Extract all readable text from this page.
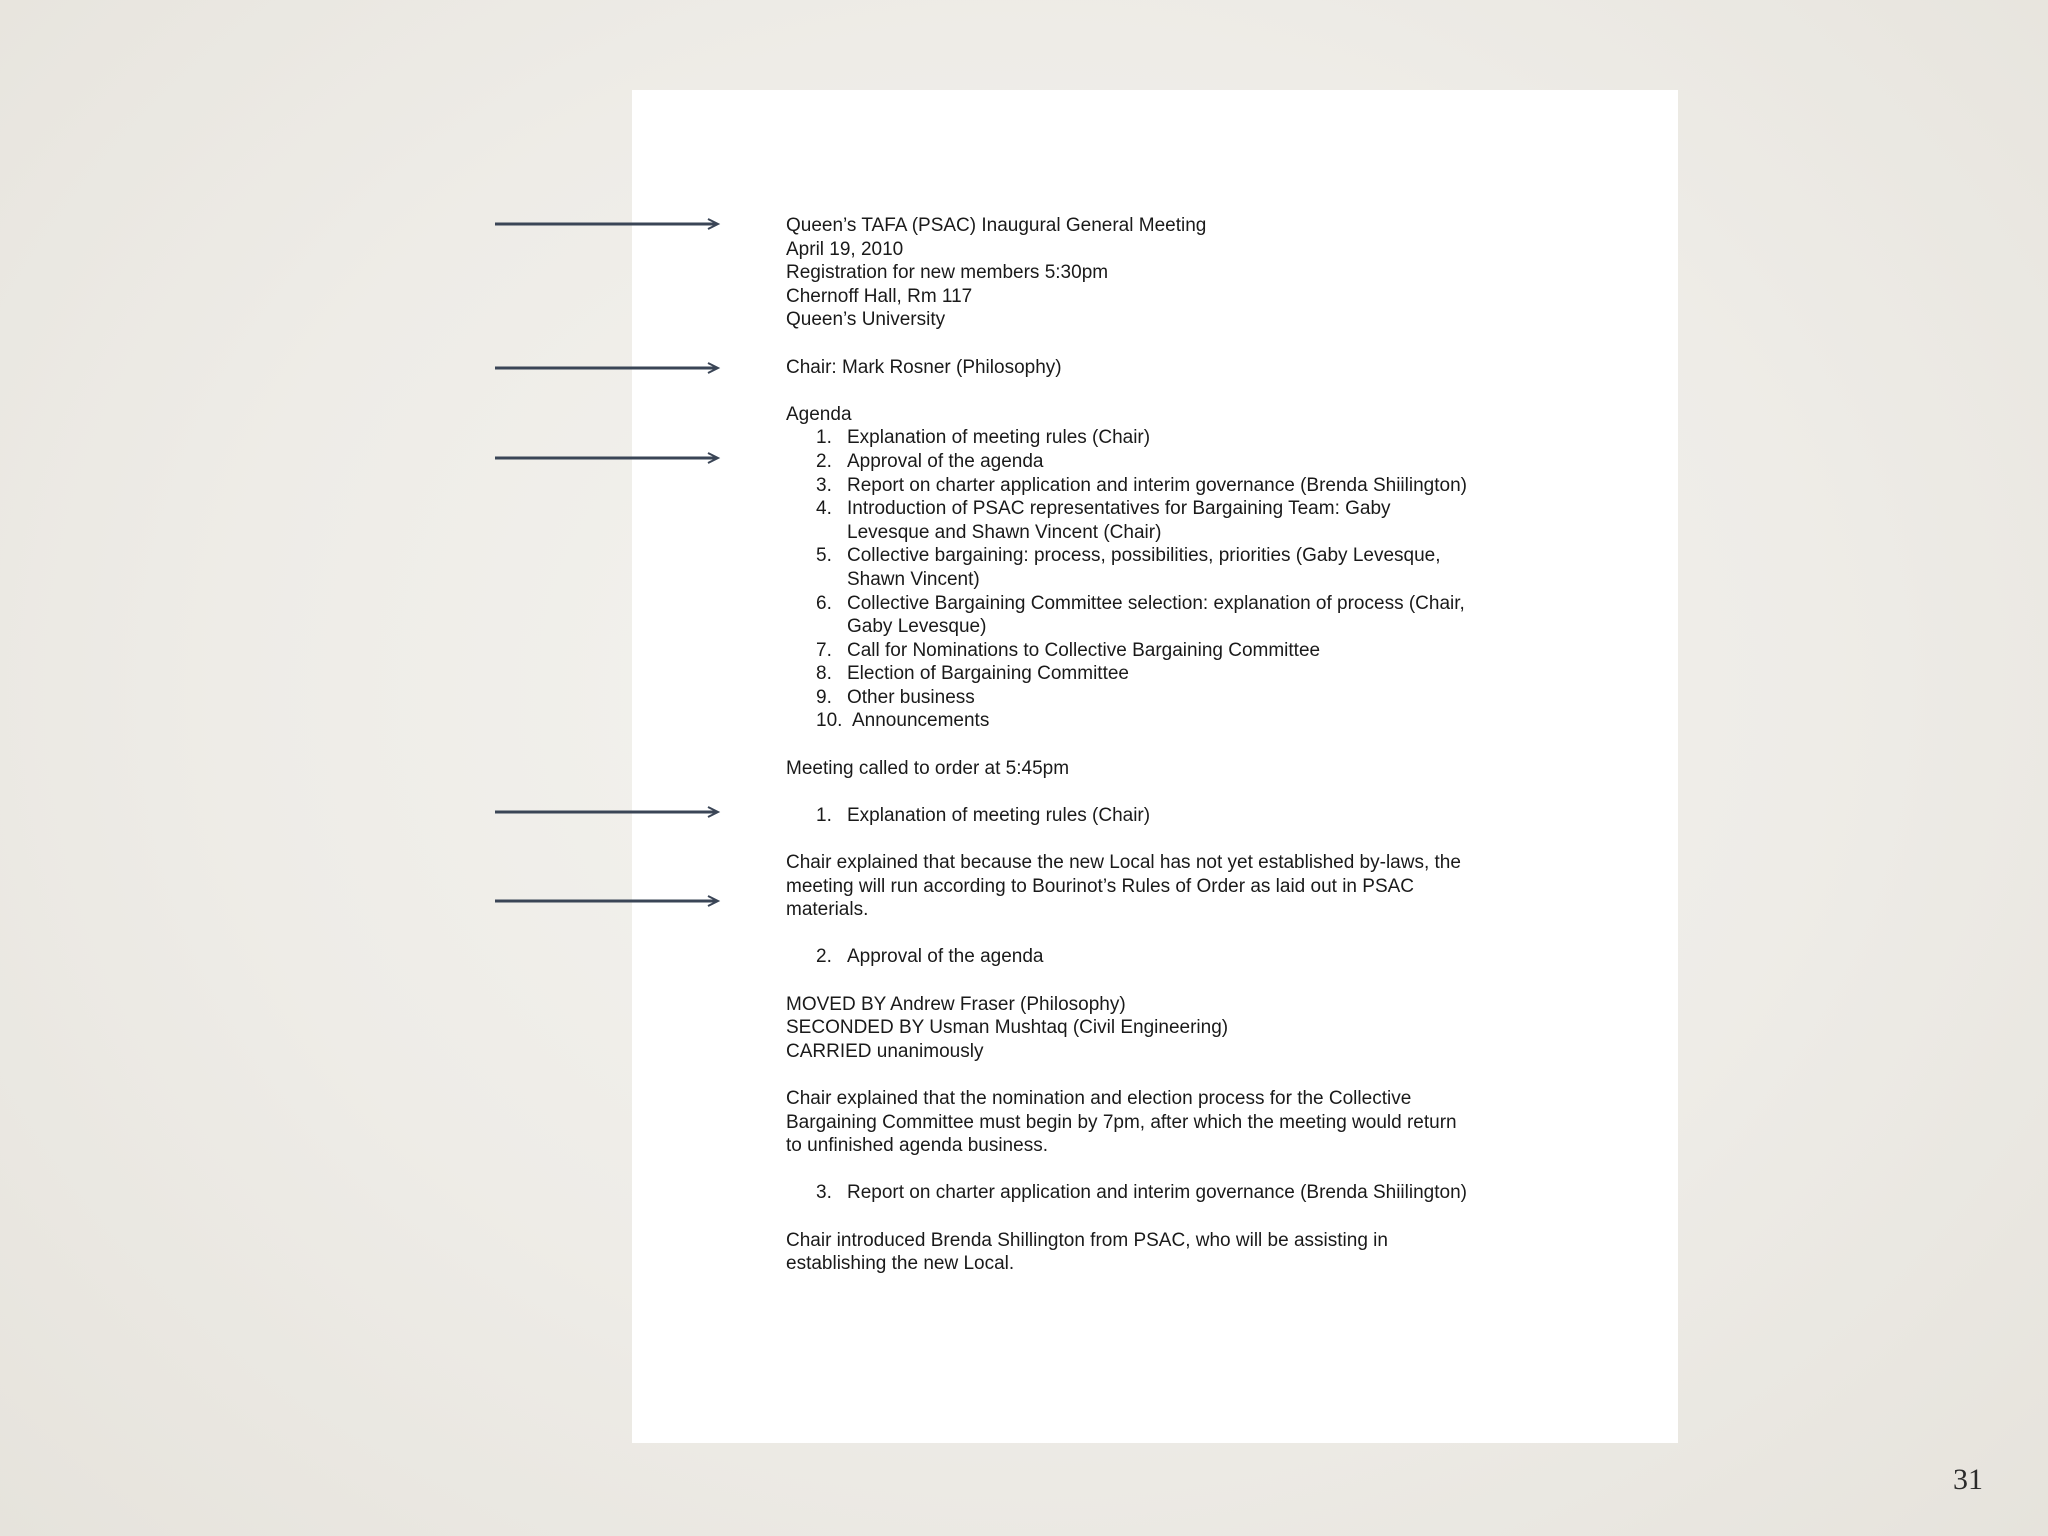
Queen’s TAFA (PSAC) Inaugural General Meeting
April 19, 2010
Registration for new members 5:30pm
Chernoff Hall, Rm 117
Queen’s University
Chair: Mark Rosner (Philosophy)
Agenda
1. Explanation of meeting rules (Chair)
2. Approval of the agenda
3. Report on charter application and interim governance (Brenda Shiilington)
4. Introduction of PSAC representatives for Bargaining Team: Gaby
Levesque and Shawn Vincent (Chair)
5. Collective bargaining: process, possibilities, priorities (Gaby Levesque,
Shawn Vincent)
6. Collective Bargaining Committee selection: explanation of process (Chair,
Gaby Levesque)
7. Call for Nominations to Collective Bargaining Committee
8. Election of Bargaining Committee
9. Other business
10. Announcements
Meeting called to order at 5:45pm
1. Explanation of meeting rules (Chair)
Chair explained that because the new Local has not yet established by-laws, the
meeting will run according to Bourinot’s Rules of Order as laid out in PSAC
materials.
2. Approval of the agenda
MOVED BY Andrew Fraser (Philosophy)
SECONDED BY Usman Mushtaq (Civil Engineering)
CARRIED unanimously
Chair explained that the nomination and election process for the Collective
Bargaining Committee must begin by 7pm, after which the meeting would return
to unfinished agenda business.
3. Report on charter application and interim governance (Brenda Shiilington)
Chair introduced Brenda Shillington from PSAC, who will be assisting in
establishing the new Local.
31
